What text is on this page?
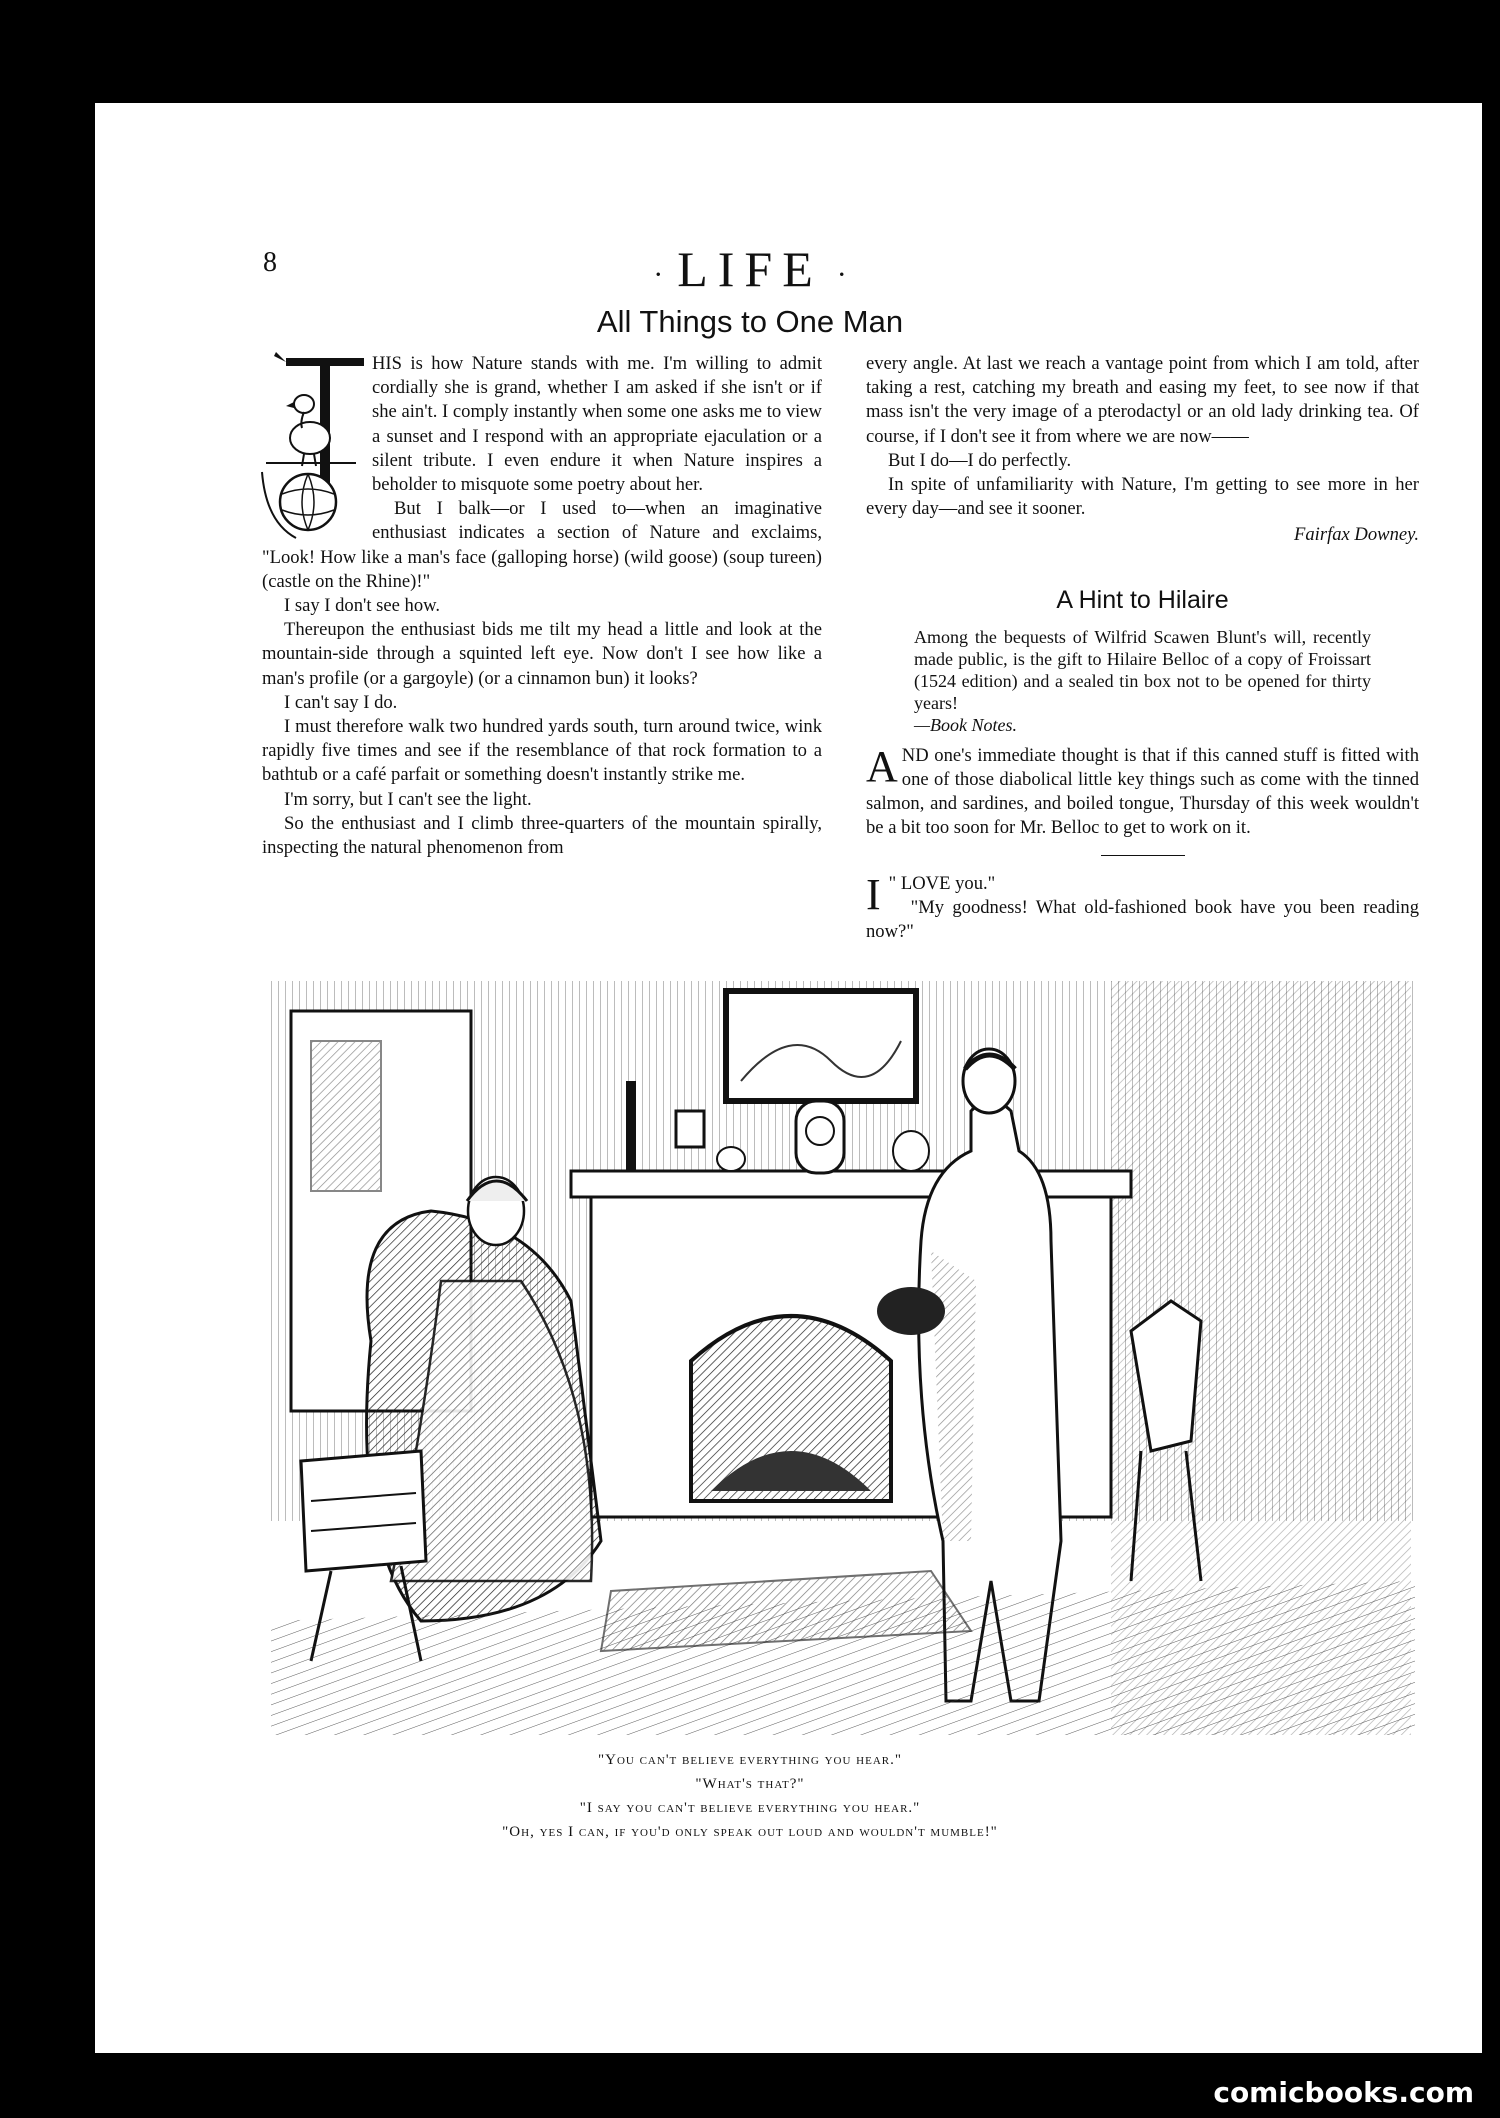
8	· LIFE ·
All Things to One Man

HIS is how Nature stands with me. I'm willing to admit cordially she is grand, whether I am asked if she isn't or if she ain't. I comply instantly when some one asks me to view a sunset and I respond with an appropriate ejaculation or a silent tribute. I even endure it when Nature inspires a beholder to misquote some poetry about her.

But I balk—or I used to—when an imaginative enthusiast indicates a section of Nature and exclaims, "Look! How like a man's face (galloping horse) (wild goose) (soup tureen) (castle on the Rhine)!"

I say I don't see how.

Thereupon the enthusiast bids me tilt my head a little and look at the mountain-side through a squinted left eye. Now don't I see how like a man's profile (or a gargoyle) (or a cinnamon bun) it looks?

I can't say I do.

I must therefore walk two hundred yards south, turn around twice, wink rapidly five times and see if the resemblance of that rock formation to a bathtub or a café parfait or something doesn't instantly strike me.

I'm sorry, but I can't see the light.

So the enthusiast and I climb three-quarters of the mountain spirally, inspecting the natural phenomenon from

every angle. At last we reach a vantage point from which I am told, after taking a rest, catching my breath and easing my feet, to see now if that mass isn't the very image of a pterodactyl or an old lady drinking tea. Of course, if I don't see it from where we are now——

But I do—I do perfectly.

In spite of unfamiliarity with Nature, I'm getting to see more in her every day—and see it sooner.

Fairfax Downey.
A Hint to Hilaire
Among the bequests of Wilfrid Scawen Blunt's will, recently made public, is the gift to Hilaire Belloc of a copy of Froissart (1524 edition) and a sealed tin box not to be opened for thirty years!
—Book Notes.

AND one's immediate thought is that if this canned stuff is fitted with one of those diabolical little key things such as come with the tinned salmon, and sardines, and boiled tongue, Thursday of this week wouldn't be a bit too soon for Mr. Belloc to get to work on it.

"
I LOVE you."
"My goodness! What old-fashioned book have you been reading now?"

"You can't believe everything you hear."
"What's that?"
"I say you can't believe everything you hear."
"Oh, yes I can, if you'd only speak out loud and wouldn't mumble!"
comicbooks.com
